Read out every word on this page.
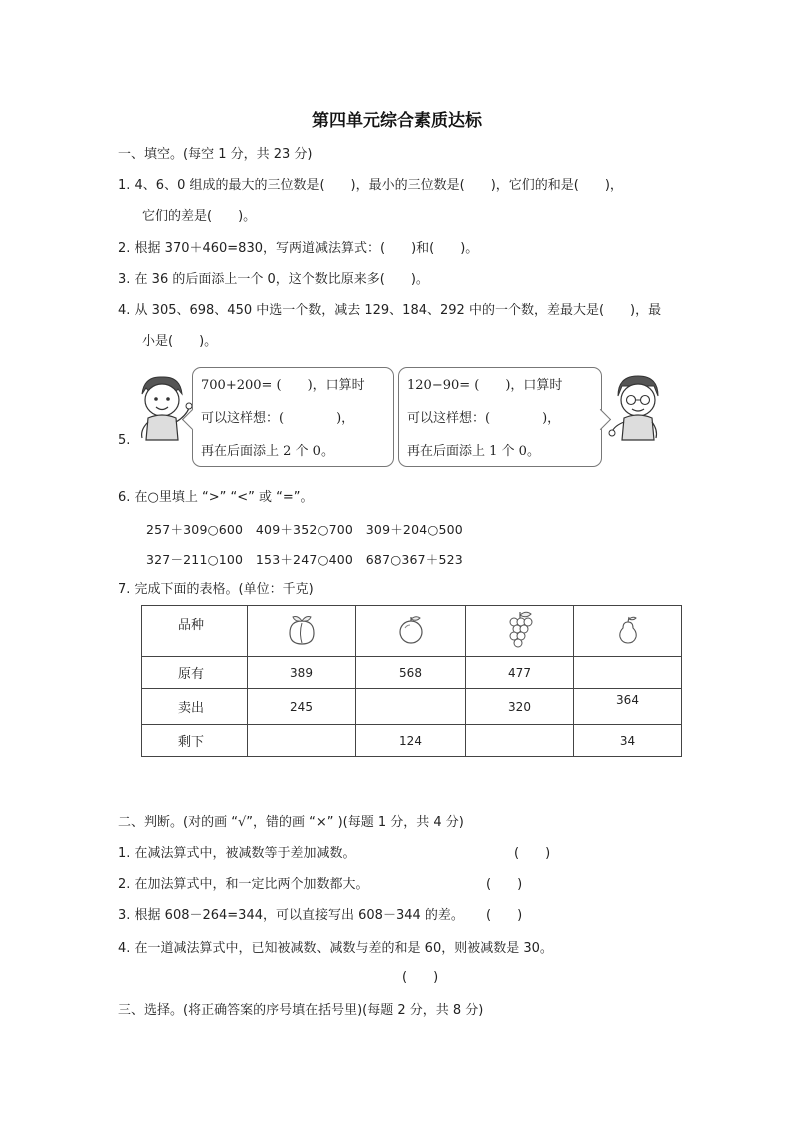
第四单元综合素质达标
一、填空。(每空 1 分，共 23 分)
1. 4、6、0 组成的最大的三位数是(　　)，最小的三位数是(　　)，它们的和是(　　)，
它们的差是(　　)。
2. 根据 370＋460=830，写两道减法算式：(　　)和(　　)。
3. 在 36 的后面添上一个 0，这个数比原来多(　　)。
4. 从 305、698、450 中选一个数，减去 129、184、292 中的一个数，差最大是(　　)，最
小是(　　)。
5.
700+200= (　　)，口算时
可以这样想：(　　　　)，
再在后面添上 2 个 0。
120−90= (　　)，口算时
可以这样想：(　　　　)，
再在后面添上 1 个 0。
6. 在○里填上 “>” “<” 或 “=”。
257＋309○600　409＋352○700　309＋204○500
327－211○100　153＋247○400　687○367＋523
7. 完成下面的表格。(单位：千克)
品种				
原有	389	568	477	
卖出	245		320	364
剩下		124		34
二、判断。(对的画 “√”，错的画 “×” )(每题 1 分，共 4 分)
1. 在减法算式中，被减数等于差加减数。	(　　)
2. 在加法算式中，和一定比两个加数都大。	(　　)
3. 根据 608－264=344，可以直接写出 608－344 的差。 (　　)
4. 在一道减法算式中，已知被减数、减数与差的和是 60，则被减数是 30。
(　　)
三、选择。(将正确答案的序号填在括号里)(每题 2 分，共 8 分)
